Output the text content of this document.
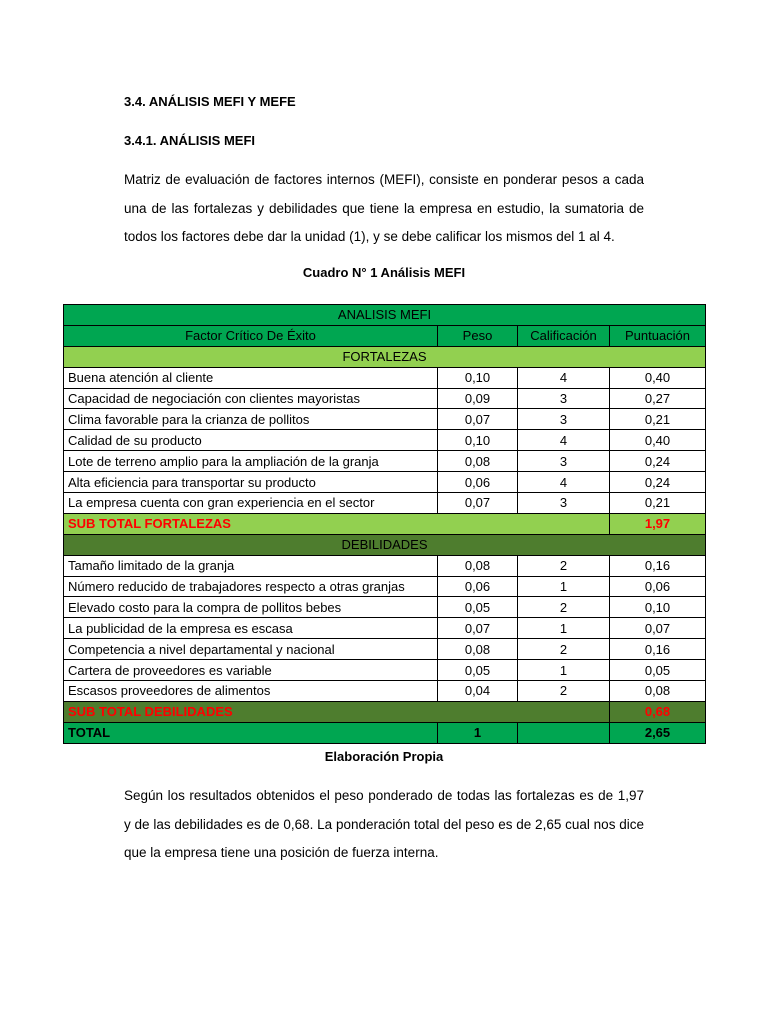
3.4. ANÁLISIS MEFI Y MEFE
3.4.1. ANÁLISIS MEFI
Matriz de evaluación de factores internos (MEFI), consiste en ponderar pesos a cada una de las fortalezas y debilidades que tiene la empresa en estudio, la sumatoria de todos los factores debe dar la unidad (1), y se debe calificar los mismos del 1 al 4.
Cuadro N° 1 Análisis MEFI
ANALISIS MEFI			
Factor Crítico De Éxito	Peso	Calificación	Puntuación
FORTALEZAS			
Buena atención al cliente	0,10	4	0,40
Capacidad de negociación con clientes mayoristas	0,09	3	0,27
Clima favorable para la crianza de pollitos	0,07	3	0,21
Calidad de su producto	0,10	4	0,40
Lote de terreno amplio para la ampliación de la granja	0,08	3	0,24
Alta eficiencia para transportar su producto	0,06	4	0,24
La empresa cuenta con gran experiencia en el sector	0,07	3	0,21
SUB TOTAL FORTALEZAS			1,97
DEBILIDADES			
Tamaño limitado de la granja	0,08	2	0,16
Número reducido de trabajadores respecto a otras granjas	0,06	1	0,06
Elevado costo para la compra de pollitos bebes	0,05	2	0,10
La publicidad de la empresa es escasa	0,07	1	0,07
Competencia a nivel departamental y nacional	0,08	2	0,16
Cartera de proveedores es variable	0,05	1	0,05
Escasos proveedores de alimentos	0,04	2	0,08
SUB TOTAL DEBILIDADES			0,68
TOTAL	1		2,65
Elaboración Propia
Según los resultados obtenidos el peso ponderado de todas las fortalezas es de 1,97 y de las debilidades es de 0,68. La ponderación total del peso es de 2,65 cual nos dice que la empresa tiene una posición de fuerza interna.
